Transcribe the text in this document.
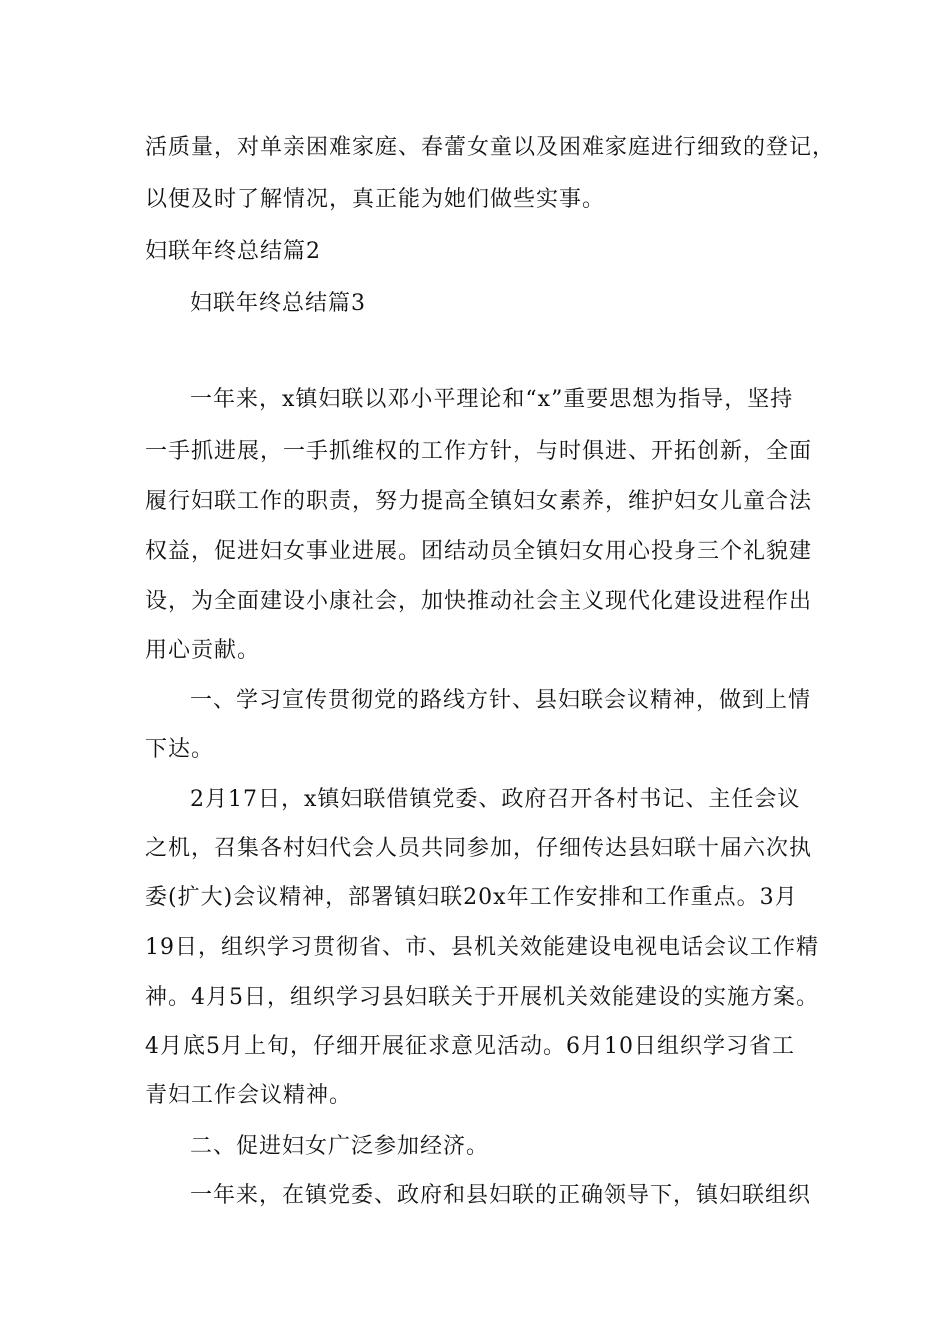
活质量，对单亲困难家庭、春蕾女童以及困难家庭进行细致的登记，
以便及时了解情况，真正能为她们做些实事。
妇联年终总结篇2
妇联年终总结篇3
一年来，x镇妇联以邓小平理论和“x”重要思想为指导，坚持
一手抓进展，一手抓维权的工作方针，与时俱进、开拓创新，全面
履行妇联工作的职责，努力提高全镇妇女素养，维护妇女儿童合法
权益，促进妇女事业进展。团结动员全镇妇女用心投身三个礼貌建
设，为全面建设小康社会，加快推动社会主义现代化建设进程作出
用心贡献。
一、学习宣传贯彻党的路线方针、县妇联会议精神，做到上情
下达。
2月17日，x镇妇联借镇党委、政府召开各村书记、主任会议
之机，召集各村妇代会人员共同参加，仔细传达县妇联十届六次执
委(扩大)会议精神，部署镇妇联20x年工作安排和工作重点。3月
19日，组织学习贯彻省、市、县机关效能建设电视电话会议工作精
神。4月5日，组织学习县妇联关于开展机关效能建设的实施方案。
4月底5月上旬，仔细开展征求意见活动。6月10日组织学习省工
青妇工作会议精神。
二、促进妇女广泛参加经济。
一年来，在镇党委、政府和县妇联的正确领导下，镇妇联组织
